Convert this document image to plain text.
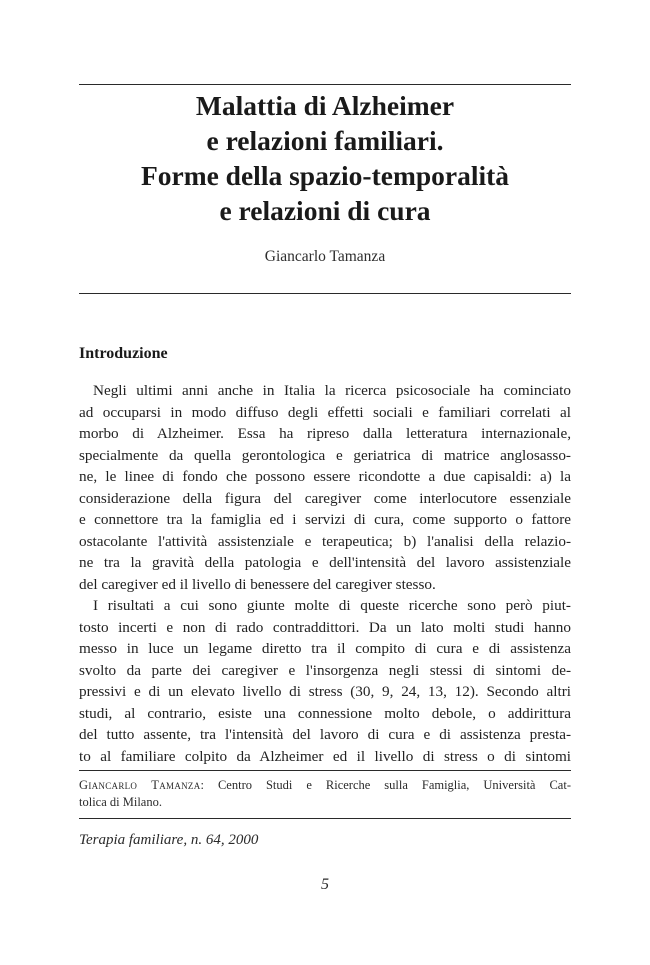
Malattia di Alzheimer
e relazioni familiari.
Forme della spazio-temporalità
e relazioni di cura
Giancarlo Tamanza
Introduzione
Negli ultimi anni anche in Italia la ricerca psicosociale ha cominciato
ad occuparsi in modo diffuso degli effetti sociali e familiari correlati al
morbo di Alzheimer. Essa ha ripreso dalla letteratura internazionale,
specialmente da quella gerontologica e geriatrica di matrice anglosasso-
ne, le linee di fondo che possono essere ricondotte a due capisaldi: a) la
considerazione della figura del caregiver come interlocutore essenziale
e connettore tra la famiglia ed i servizi di cura, come supporto o fattore
ostacolante l'attività assistenziale e terapeutica; b) l'analisi della relazio-
ne tra la gravità della patologia e dell'intensità del lavoro assistenziale
del caregiver ed il livello di benessere del caregiver stesso.
I risultati a cui sono giunte molte di queste ricerche sono però piut-
tosto incerti e non di rado contraddittori. Da un lato molti studi hanno
messo in luce un legame diretto tra il compito di cura e di assistenza
svolto da parte dei caregiver e l'insorgenza negli stessi di sintomi de-
pressivi e di un elevato livello di stress (30, 9, 24, 13, 12). Secondo altri
studi, al contrario, esiste una connessione molto debole, o addirittura
del tutto assente, tra l'intensità del lavoro di cura e di assistenza presta-
to al familiare colpito da Alzheimer ed il livello di stress o di sintomi
Giancarlo Tamanza: Centro Studi e Ricerche sulla Famiglia, Università Cat-
tolica di Milano.
Terapia familiare, n. 64, 2000
5
